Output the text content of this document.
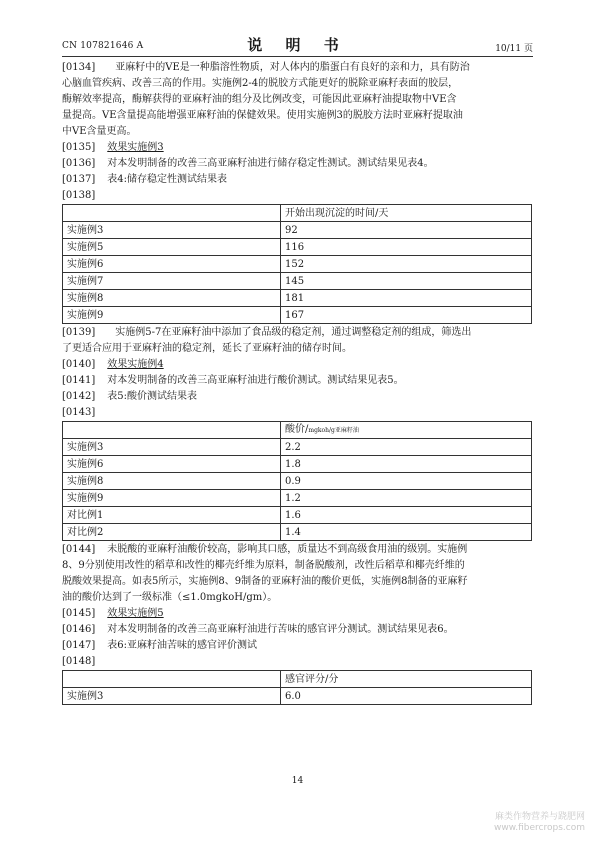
CN 107821646 A	说 明 书	10/11 页

[0134] 亚麻籽中的VE是一种脂溶性物质，对人体内的脂蛋白有良好的亲和力，具有防治

心脑血管疾病、改善三高的作用。实施例2-4的脱胶方式能更好的脱除亚麻籽表面的胶层，

酶解效率提高，酶解获得的亚麻籽油的组分及比例改变，可能因此亚麻籽油提取物中VE含

量提高。VE含量提高能增强亚麻籽油的保健效果。使用实施例3的脱胶方法时亚麻籽提取油

中VE含量更高。

[0135] 效果实施例3

[0136] 对本发明制备的改善三高亚麻籽油进行储存稳定性测试。测试结果见表4。

[0137] 表4:储存稳定性测试结果表

[0138]

	开始出现沉淀的时间/天
实施例3	92
实施例5	116
实施例6	152
实施例7	145
实施例8	181
实施例9	167

[0139] 实施例5-7在亚麻籽油中添加了食品级的稳定剂，通过调整稳定剂的组成，筛选出

了更适合应用于亚麻籽油的稳定剂，延长了亚麻籽油的储存时间。

[0140] 效果实施例4

[0141] 对本发明制备的改善三高亚麻籽油进行酸价测试。测试结果见表5。

[0142] 表5:酸价测试结果表

[0143]

	酸价/mgkoh/g亚麻籽油
实施例3	2.2
实施例6	1.8
实施例8	0.9
实施例9	1.2
对比例1	1.6
对比例2	1.4

[0144] 未脱酸的亚麻籽油酸价较高，影响其口感，质量达不到高级食用油的级别。实施例

8、9分别使用改性的稻草和改性的椰壳纤维为原料，制备脱酸剂，改性后稻草和椰壳纤维的

脱酸效果提高。如表5所示，实施例8、9制备的亚麻籽油的酸价更低，实施例8制备的亚麻籽

油的酸价达到了一级标准（≤1.0mgkoH/gm）。

[0145] 效果实施例5

[0146] 对本发明制备的改善三高亚麻籽油进行苦味的感官评分测试。测试结果见表6。

[0147] 表6:亚麻籽油苦味的感官评价测试

[0148]

	感官评分/分
实施例3	6.0
14
麻类作物营养与跷肥网
www.fibercrops.com
